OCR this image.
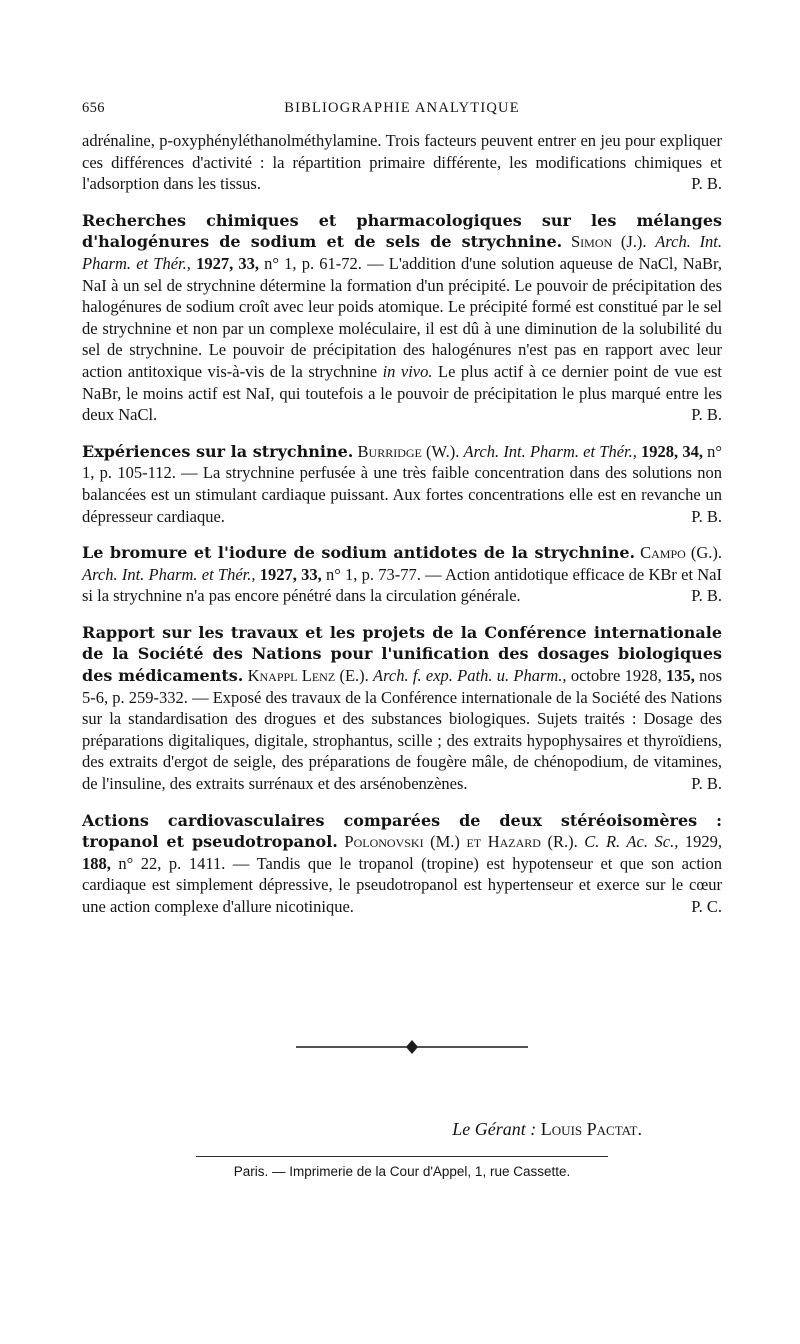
656	BIBLIOGRAPHIE ANALYTIQUE

adrénaline, p-oxyphényléthanolméthylamine. Trois facteurs peuvent entrer en jeu pour expliquer ces différences d'activité : la répartition primaire différente, les modifications chimiques et l'adsorption dans les tissus.	P. B.

Recherches chimiques et pharmacologiques sur les mélanges d'halogénures de sodium et de sels de strychnine. Simon (J.). Arch. Int. Pharm. et Thér., 1927, 33, n° 1, p. 61-72. — L'addition d'une solution aqueuse de NaCl, NaBr, NaI à un sel de strychnine détermine la formation d'un précipité. Le pouvoir de précipitation des halogénures de sodium croît avec leur poids atomique. Le précipité formé est constitué par le sel de strychnine et non par un complexe moléculaire, il est dû à une diminution de la solubilité du sel de strychnine. Le pouvoir de précipitation des halogénures n'est pas en rapport avec leur action antitoxique vis-à-vis de la strychnine in vivo. Le plus actif à ce dernier point de vue est NaBr, le moins actif est NaI, qui toutefois a le pouvoir de précipitation le plus marqué entre les deux NaCl.	P. B.

Expériences sur la strychnine. Burridge (W.). Arch. Int. Pharm. et Thér., 1928, 34, n° 1, p. 105-112. — La strychnine perfusée à une très faible concentration dans des solutions non balancées est un stimulant cardiaque puissant. Aux fortes concentrations elle est en revanche un dépresseur cardiaque.	P. B.

Le bromure et l'iodure de sodium antidotes de la strychnine. Campo (G.). Arch. Int. Pharm. et Thér., 1927, 33, n° 1, p. 73-77. — Action antidotique efficace de KBr et NaI si la strychnine n'a pas encore pénétré dans la circulation générale.	P. B.

Rapport sur les travaux et les projets de la Conférence internationale de la Société des Nations pour l'unification des dosages biologiques des médicaments. Knappl Lenz (E.). Arch. f. exp. Path. u. Pharm., octobre 1928, 135, nos 5-6, p. 259-332. — Exposé des travaux de la Conférence internationale de la Société des Nations sur la standardisation des drogues et des substances biologiques. Sujets traités : Dosage des préparations digitaliques, digitale, strophantus, scille ; des extraits hypophysaires et thyroïdiens, des extraits d'ergot de seigle, des préparations de fougère mâle, de chénopodium, de vitamines, de l'insuline, des extraits surrénaux et des arsénobenzènes.	P. B.

Actions cardiovasculaires comparées de deux stéréoisomères : tropanol et pseudotropanol. Polonovski (M.) et Hazard (R.). C. R. Ac. Sc., 1929, 188, n° 22, p. 1411. — Tandis que le tropanol (tropine) est hypotenseur et que son action cardiaque est simplement dépressive, le pseudotropanol est hypertenseur et exerce sur le cœur une action complexe d'allure nicotinique.	P. C.

Le Gérant : Louis Pactat.
Paris. — Imprimerie de la Cour d'Appel, 1, rue Cassette.
